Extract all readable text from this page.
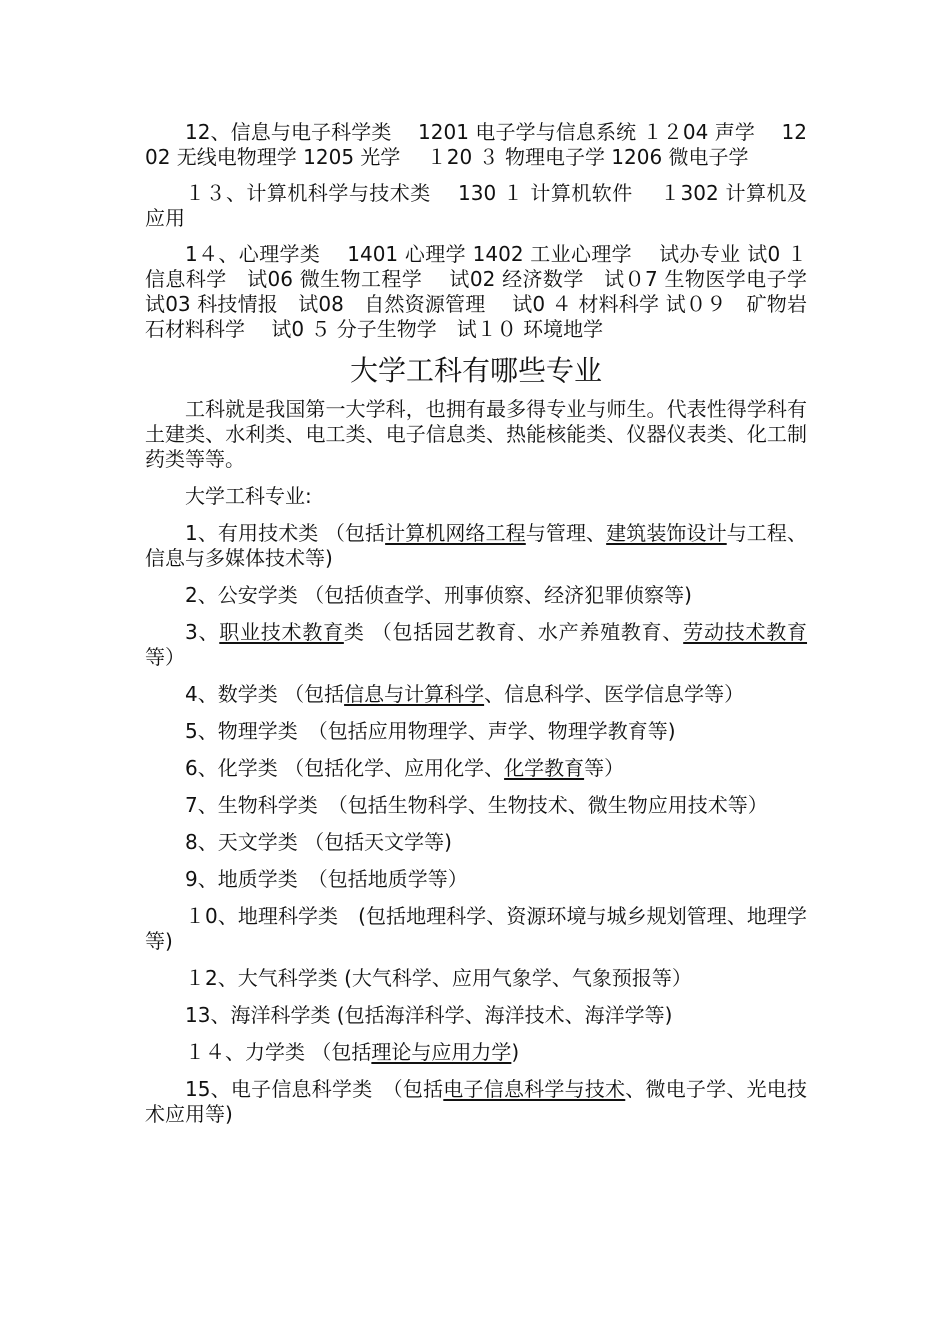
12、信息与电子科学类　 1201 电子学与信息系统 １２04 声学　 1202 无线电物理学 1205 光学　 １20 ３ 物理电子学 1206 微电子学

１３、计算机科学与技术类　 130 １ 计算机软件　 １302 计算机及应用

1４、心理学类　 1401 心理学 1402 工业心理学　 试办专业 试0 １ 信息科学　试06 微生物工程学　 试02 经济数学　试０7 生物医学电子学　 试03 科技情报　试08　自然资源管理　 试0 ４ 材料科学 试０９　矿物岩石材料科学　 试0 ５ 分子生物学　试１０ 环境地学

大学工科有哪些专业

工科就是我国第一大学科，也拥有最多得专业与师生。代表性得学科有土建类、水利类、电工类、电子信息类、热能核能类、仪器仪表类、化工制药类等等。

大学工科专业:

1、有用技术类 （包括计算机网络工程与管理、建筑装饰设计与工程、信息与多媒体技术等)

2、公安学类 （包括侦查学、刑事侦察、经济犯罪侦察等)

3、职业技术教育类 （包括园艺教育、水产养殖教育、劳动技术教育等）

4、数学类 （包括信息与计算科学、信息科学、医学信息学等）

5、物理学类　（包括应用物理学、声学、物理学教育等)

6、化学类 （包括化学、应用化学、化学教育等）

7、生物科学类　（包括生物科学、生物技术、微生物应用技术等）

8、天文学类 （包括天文学等)

9、地质学类　（包括地质学等）

１0、地理科学类　(包括地理科学、资源环境与城乡规划管理、地理学等)

１2、大气科学类 (大气科学、应用气象学、气象预报等）

13、海洋科学类 (包括海洋科学、海洋技术、海洋学等)

１４、力学类 （包括理论与应用力学)

15、电子信息科学类　（包括电子信息科学与技术、微电子学、光电技术应用等)
